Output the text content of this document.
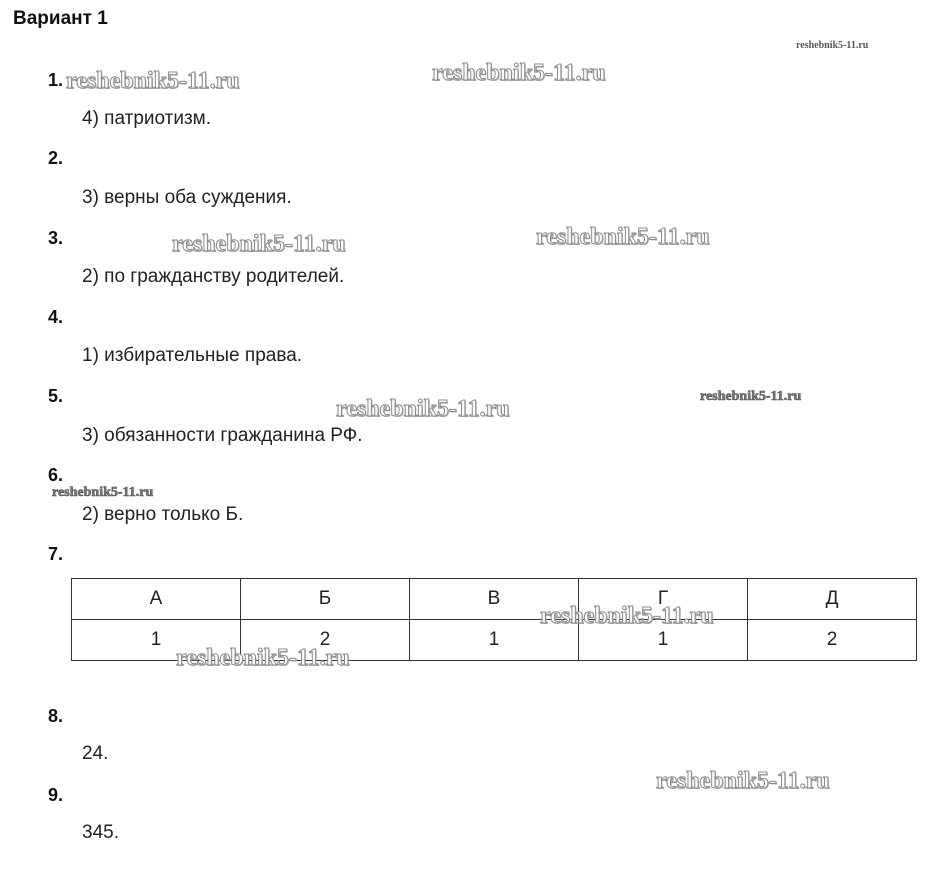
Вариант 1
1.
2.
3.
4.
5.
6.
7.
8.
9.
4) патриотизм.
3) верны оба суждения.
2) по гражданству родителей.
1) избирательные права.
3) обязанности гражданина РФ.
2) верно только Б.
24.
345.
А	Б	В	Г	Д
1	2	1	1	2
reshebnik5-11.ru
reshebnik5-11.ru	reshebnik5-11.ru
reshebnik5-11.ru	reshebnik5-11.ru
reshebnik5-11.ru
reshebnik5-11.ru
reshebnik5-11.ru
reshebnik5-11.ru
reshebnik5-11.ru
reshebnik5-11.ru
